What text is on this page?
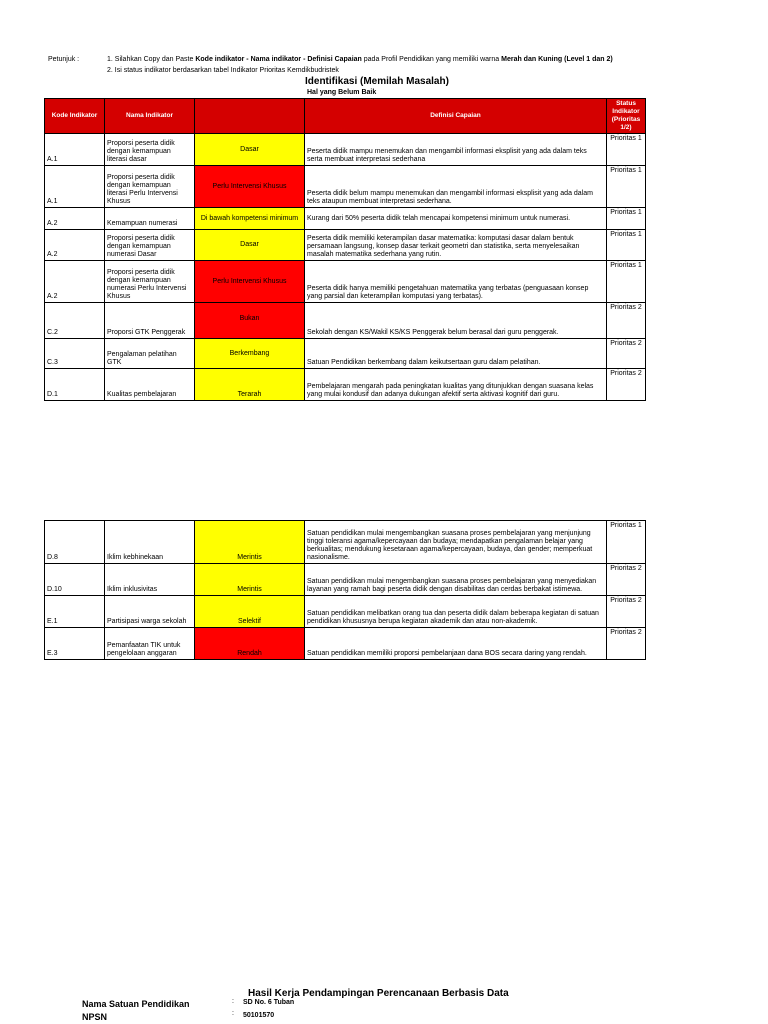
Petunjuk :	1. Silahkan Copy dan Paste Kode indikator - Nama indikator - Definisi Capaian pada Profil Pendidikan yang memiliki warna Merah dan Kuning (Level 1 dan 2)
2. Isi status indikator berdasarkan tabel Indikator Prioritas Kemdikbudristek
Identifikasi (Memilah Masalah)
Hal yang Belum Baik
Kode Indikator	Nama Indikator		Definisi Capaian	Status Indikator (Prioritas 1/2)
A.1	Proporsi peserta didik dengan kemampuan literasi dasar	Dasar	Peserta didik mampu menemukan dan mengambil informasi eksplisit yang ada dalam teks serta membuat interpretasi sederhana	Prioritas 1
A.1	Proporsi peserta didik dengan kemampuan literasi Perlu Intervensi Khusus	Perlu Intervensi Khusus	Peserta didik belum mampu menemukan dan mengambil informasi eksplisit yang ada dalam teks ataupun membuat interpretasi sederhana.	Prioritas 1
A.2	Kemampuan numerasi	Di bawah kompetensi minimum	Kurang dari 50% peserta didik telah mencapai kompetensi minimum untuk numerasi.	Prioritas 1
A.2	Proporsi peserta didik dengan kemampuan numerasi Dasar	Dasar	Peserta didik memiliki keterampilan dasar matematika: komputasi dasar dalam bentuk persamaan langsung, konsep dasar terkait geometri dan statistika, serta menyelesaikan masalah matematika sederhana yang rutin.	Prioritas 1
A.2	Proporsi peserta didik dengan kemampuan numerasi Perlu Intervensi Khusus	Perlu Intervensi Khusus	Peserta didik hanya memiliki pengetahuan matematika yang terbatas (penguasaan konsep yang parsial dan keterampilan komputasi yang terbatas).	Prioritas 1
C.2	Proporsi GTK Penggerak	Bukan	Sekolah dengan KS/Wakil KS/KS Penggerak belum berasal dari guru penggerak.	Prioritas 2
C.3	Pengalaman pelatihan GTK	Berkembang	Satuan Pendidikan berkembang dalam keikutsertaan guru dalam pelatihan.	Prioritas 2
D.1	Kualitas pembelajaran	Terarah	Pembelajaran mengarah pada peningkatan kualitas yang ditunjukkan dengan suasana kelas yang mulai kondusif dan adanya dukungan afektif serta aktivasi kognitif dari guru.	Prioritas 2
D.8	Iklim kebhinekaan	Merintis	Satuan pendidikan mulai mengembangkan suasana proses pembelajaran yang menjunjung tinggi toleransi agama/kepercayaan dan budaya; mendapatkan pengalaman belajar yang berkualitas; mendukung kesetaraan agama/kepercayaan, budaya, dan gender; memperkuat nasionalisme.	Prioritas 1
D.10	Iklim inklusivitas	Merintis	Satuan pendidikan mulai mengembangkan suasana proses pembelajaran yang menyediakan layanan yang ramah bagi peserta didik dengan disabilitas dan cerdas berbakat istimewa.	Prioritas 2
E.1	Partisipasi warga sekolah	Selektif	Satuan pendidikan melibatkan orang tua dan peserta didik dalam beberapa kegiatan di satuan pendidikan khususnya berupa kegiatan akademik dan atau non-akademik.	Prioritas 2
E.3	Pemanfaatan TIK untuk pengelolaan anggaran	Rendah	Satuan pendidikan memiliki proporsi pembelanjaan dana BOS secara daring yang rendah.	Prioritas 2
Hasil Kerja Pendampingan Perencanaan Berbasis Data
Nama Satuan Pendidikan	: SD No. 6 Tuban
NPSN	: 50101570
